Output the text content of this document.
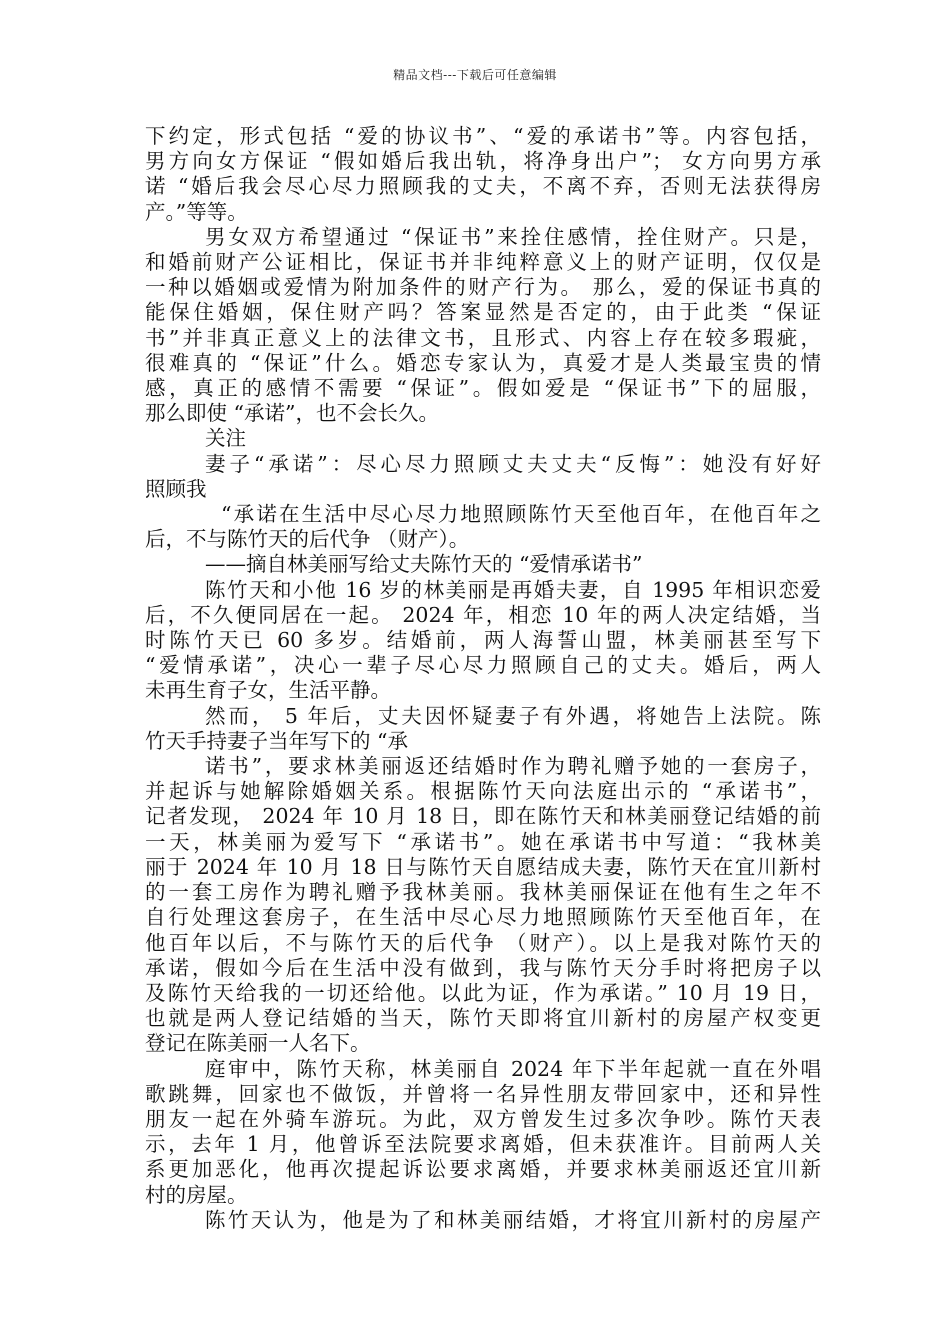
精品文档---下载后可任意编辑
下约定，形式包括 “爱的协议书”、“爱的承诺书”等。内容包括，
男方向女方保证 “假如婚后我出轨，将净身出户”； 女方向男方承
诺 “婚后我会尽心尽力照顾我的丈夫，不离不弃，否则无法获得房
产。”等等。
男女双方希望通过 “保证书”来拴住感情，拴住财产。只是，
和婚前财产公证相比，保证书并非纯粹意义上的财产证明，仅仅是
一种以婚姻或爱情为附加条件的财产行为。 那么，爱的保证书真的
能保住婚姻，保住财产吗？答案显然是否定的，由于此类 “保证
书”并非真正意义上的法律文书，且形式、内容上存在较多瑕疵，
很难真的 “保证”什么。婚恋专家认为，真爱才是人类最宝贵的情
感，真正的感情不需要 “保证”。假如爱是 “保证书”下的屈服，
那么即使 “承诺”，也不会长久。
关注
妻子“承诺”：尽心尽力照顾丈夫丈夫“反悔”：她没有好好
照顾我
“承诺在生活中尽心尽力地照顾陈竹天至他百年，在他百年之
后，不与陈竹天的后代争 （财产）。
——摘自林美丽写给丈夫陈竹天的 “爱情承诺书”
陈竹天和小他 16 岁的林美丽是再婚夫妻，自 1995 年相识恋爱
后，不久便同居在一起。 2024 年，相恋 10 年的两人决定结婚，当
时陈竹天已 60 多岁。结婚前，两人海誓山盟，林美丽甚至写下
“爱情承诺”，决心一辈子尽心尽力照顾自己的丈夫。婚后，两人
未再生育子女，生活平静。
然而， 5 年后，丈夫因怀疑妻子有外遇，将她告上法院。陈
竹天手持妻子当年写下的 “承
诺书”，要求林美丽返还结婚时作为聘礼赠予她的一套房子，
并起诉与她解除婚姻关系。根据陈竹天向法庭出示的 “承诺书”，
记者发现， 2024 年 10 月 18 日，即在陈竹天和林美丽登记结婚的前
一天，林美丽为爱写下 “承诺书”。她在承诺书中写道：“我林美
丽于 2024 年 10 月 18 日与陈竹天自愿结成夫妻，陈竹天在宜川新村
的一套工房作为聘礼赠予我林美丽。我林美丽保证在他有生之年不
自行处理这套房子，在生活中尽心尽力地照顾陈竹天至他百年，在
他百年以后，不与陈竹天的后代争 （财产）。以上是我对陈竹天的
承诺，假如今后在生活中没有做到，我与陈竹天分手时将把房子以
及陈竹天给我的一切还给他。以此为证，作为承诺。” 10 月 19 日，
也就是两人登记结婚的当天，陈竹天即将宜川新村的房屋产权变更
登记在陈美丽一人名下。
庭审中，陈竹天称，林美丽自 2024 年下半年起就一直在外唱
歌跳舞，回家也不做饭，并曾将一名异性朋友带回家中，还和异性
朋友一起在外骑车游玩。为此，双方曾发生过多次争吵。陈竹天表
示，去年 1 月，他曾诉至法院要求离婚，但未获准许。目前两人关
系更加恶化，他再次提起诉讼要求离婚，并要求林美丽返还宜川新
村的房屋。
陈竹天认为，他是为了和林美丽结婚，才将宜川新村的房屋产
